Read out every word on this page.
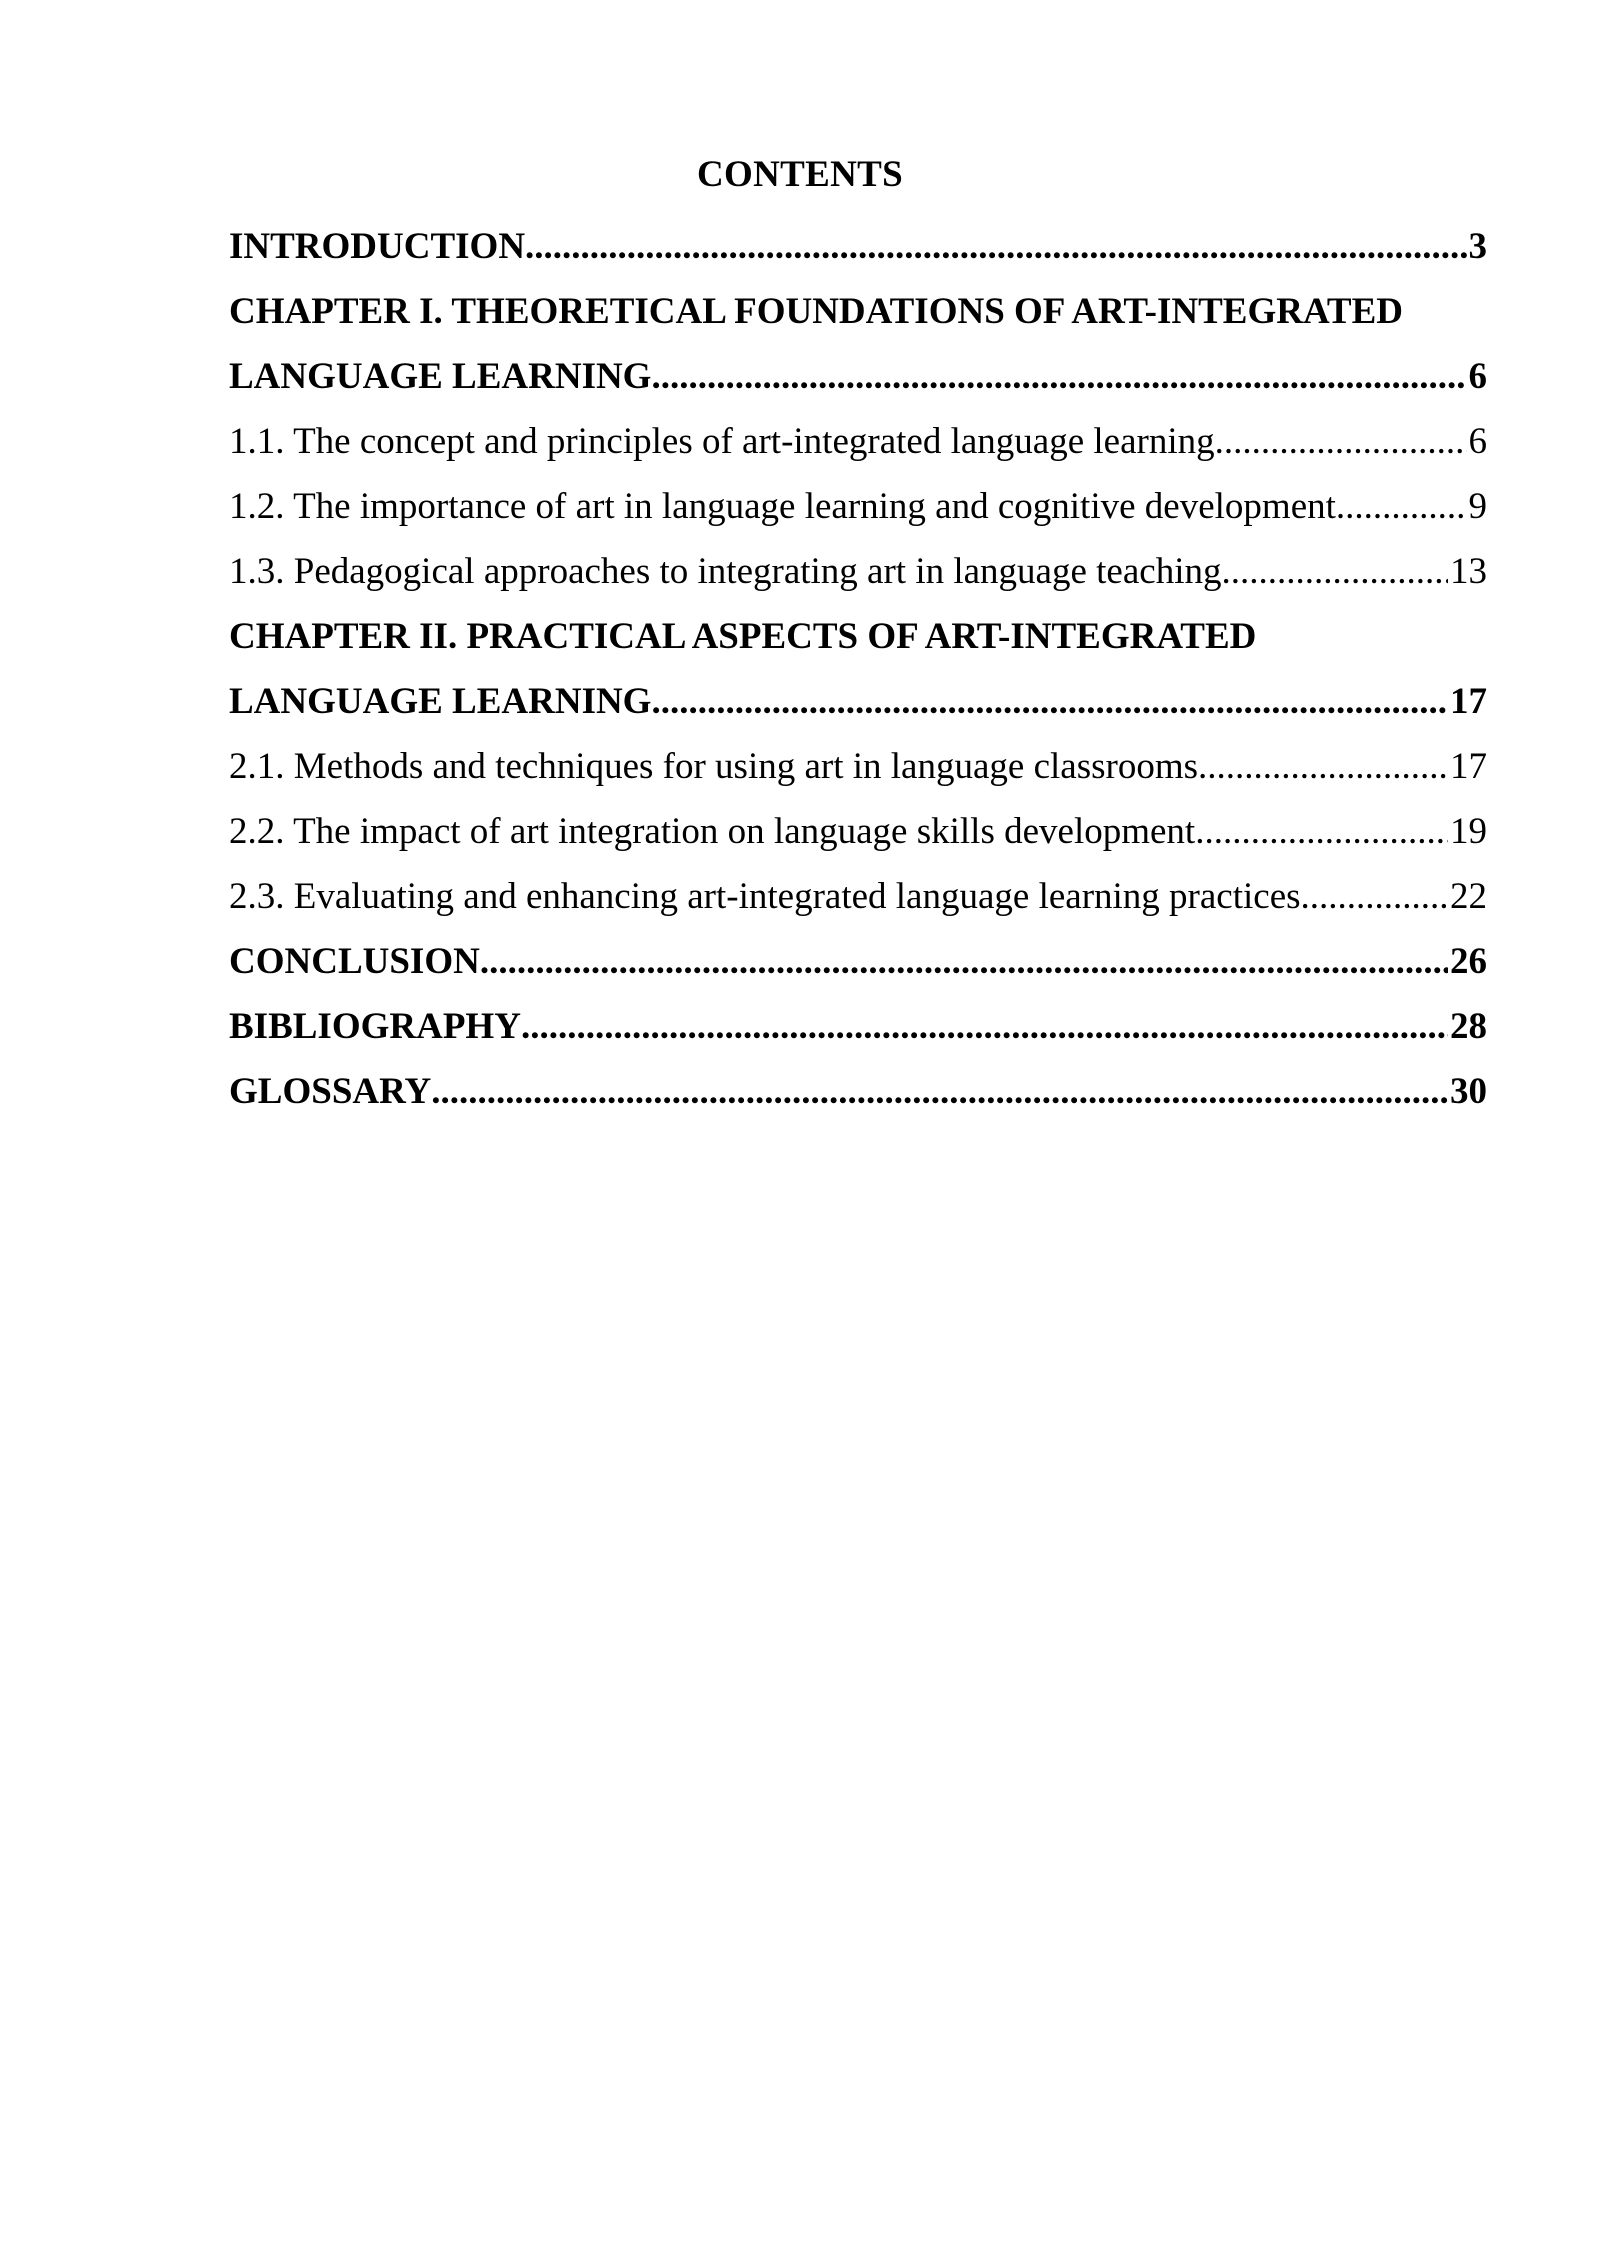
CONTENTS
INTRODUCTION .....	3
CHAPTER I. THEORETICAL FOUNDATIONS OF ART-INTEGRATED
LANGUAGE LEARNING .....	6
1.1. The concept and principles of art-integrated language learning .....	6
1.2. The importance of art in language learning and cognitive development .....	9
1.3. Pedagogical approaches to integrating art in language teaching .....	13
CHAPTER II. PRACTICAL ASPECTS OF ART-INTEGRATED
LANGUAGE LEARNING .....	17
2.1. Methods and techniques for using art in language classrooms .....	17
2.2. The impact of art integration on language skills development .....	19
2.3. Evaluating and enhancing art-integrated language learning practices .....	22
CONCLUSION .....	26
BIBLIOGRAPHY .....	28
GLOSSARY .....	30
